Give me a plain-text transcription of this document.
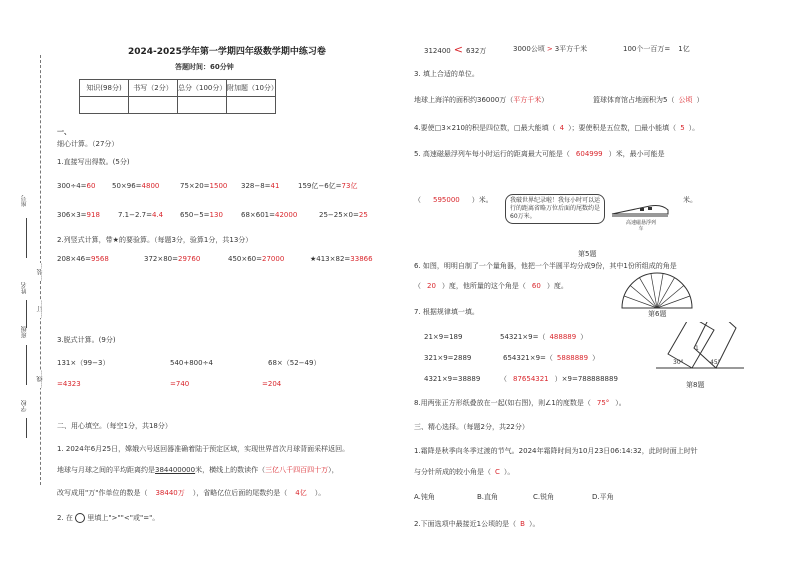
座号
姓名
班级
学校
…装…
…订…
…线…
2024-2025学年第一学期四年级数学期中练习卷
答题时间：60分钟
知识(98分)	书写（2分）	总分（100分）	附加题（10分）

一、
细心计算。（27分）
1.直接写出得数。(5分)
300÷4=60 50×96=4800	75×20=1500 328−8=41	159亿−6亿=73亿
306×3=918	7.1−2.7=4.4 650−5=130	68×601=42000	25−25×0=25
2.列竖式计算，带★的要验算。（每题3分，验算1分，共13分）
208×46=9568	372×80=29760	450×60=27000	★413×82=33866
3.脱式计算。(9分)
131×（99−3）
=4323
540+800÷4
=740
68×（52−49）
=204
二、用心填空。（每空1分，共18分）
1. 2024年6月25日，嫦娥六号返回器准确着陆于预定区域，实现世界首次月球背面采样返回。
地球与月球之间的平均距离约是384400000米，横线上的数读作（三亿八千四百四十万），
改写成用"万"作单位的数是（ 38440万 ），省略亿位后面的尾数约是（ 4亿 ）。
2. 在 里填上">""<"或"="。
312400 < 632万	3000公顷 > 3平方千米	100个一百万= 1亿
3. 填上合适的单位。
地球上海洋的面积约36000万（平方千米）	篮球体育馆占地面积为5（ 公顷 ）
4.要使□3×210的积是四位数，□最大能填（ 4 ）；要使积是五位数，□最小能填（ 5 ）。
5. 高速磁悬浮列车每小时运行的距离最大可能是（ 604999 ）米，最小可能是
（ 595000 ）米。	我破世界纪录啦！我每小时可以运行的距离省略万位后面的尾数约是60万米。
米。
高速磁悬浮列车
第5题
6. 如图，明明自制了一个量角器，他把一个半圆平均分成9份，其中1份所组成的角是
（ 20 ）度，他所量的这个角是（ 60 ）度。
第6题
7. 根据规律填一填。
21×9=189	54321×9=（ 488889 ）
321×9=2889	654321×9=（ 5888889 ）
4321×9=38889	（ 87654321 ）×9=788888889
30°	45°
1
8.用两张正方形纸叠放在一起(如右图)，则∠1的度数是（ 75° ）。
第8题
三、精心选择。（每题2分，共22分）
1.霜降是秋季向冬季过渡的节气。2024年霜降时间为10月23日06:14:32，此时时面上时针
与分针所成的较小角是（ C ）。
A.钝角	B.直角	C.锐角	D.平角
2.下面选项中最接近1公顷的是（ B ）。
